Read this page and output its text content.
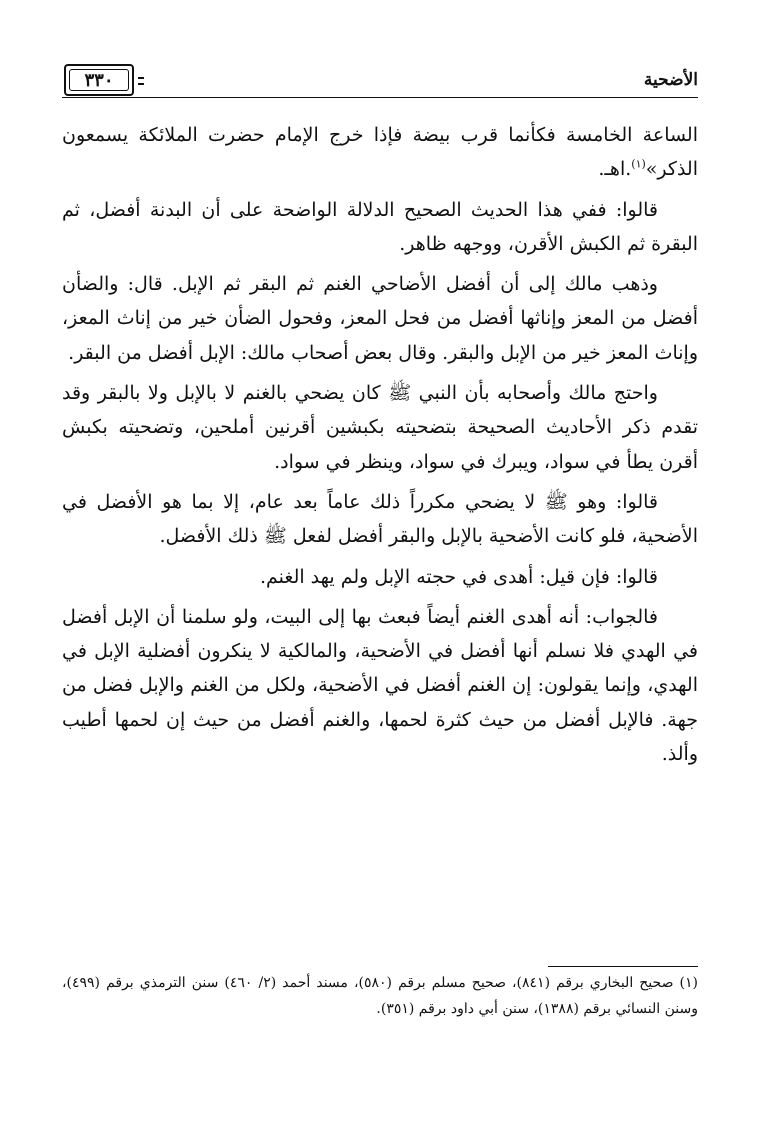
الأضحية
٣٣٠

الساعة الخامسة فكأنما قرب بيضة فإذا خرج الإمام حضرت الملائكة يسمعون الذكر»$^{(١)}$.اهـ.

قالوا: ففي هذا الحديث الصحيح الدلالة الواضحة على أن البدنة أفضل، ثم البقرة ثم الكبش الأقرن، ووجهه ظاهر.

وذهب مالك إلى أن أفضل الأضاحي الغنم ثم البقر ثم الإبل. قال: والضأن أفضل من المعز وإناثها أفضل من فحل المعز، وفحول الضأن خير من إناث المعز، وإناث المعز خير من الإبل والبقر. وقال بعض أصحاب مالك: الإبل أفضل من البقر.

واحتج مالك وأصحابه بأن النبي ﷺ كان يضحي بالغنم لا بالإبل ولا بالبقر وقد تقدم ذكر الأحاديث الصحيحة بتضحيته بكبشين أقرنين أملحين، وتضحيته بكبش أقرن يطأ في سواد، ويبرك في سواد، وينظر في سواد.

قالوا: وهو ﷺ لا يضحي مكرراً ذلك عاماً بعد عام، إلا بما هو الأفضل في الأضحية، فلو كانت الأضحية بالإبل والبقر أفضل لفعل ﷺ ذلك الأفضل.

قالوا: فإن قيل: أهدى في حجته الإبل ولم يهد الغنم.

فالجواب: أنه أهدى الغنم أيضاً فبعث بها إلى البيت، ولو سلمنا أن الإبل أفضل في الهدي فلا نسلم أنها أفضل في الأضحية، والمالكية لا ينكرون أفضلية الإبل في الهدي، وإنما يقولون: إن الغنم أفضل في الأضحية، ولكل من الغنم والإبل فضل من جهة. فالإبل أفضل من حيث كثرة لحمها، والغنم أفضل من حيث إن لحمها أطيب وألذ.

(١) صحيح البخاري برقم (٨٤١)، صحيح مسلم برقم (٥٨٠)، مسند أحمد (٢/ ٤٦٠) سنن الترمذي برقم (٤٩٩)، وسنن النسائي برقم (١٣٨٨)، سنن أبي داود برقم (٣٥١).
